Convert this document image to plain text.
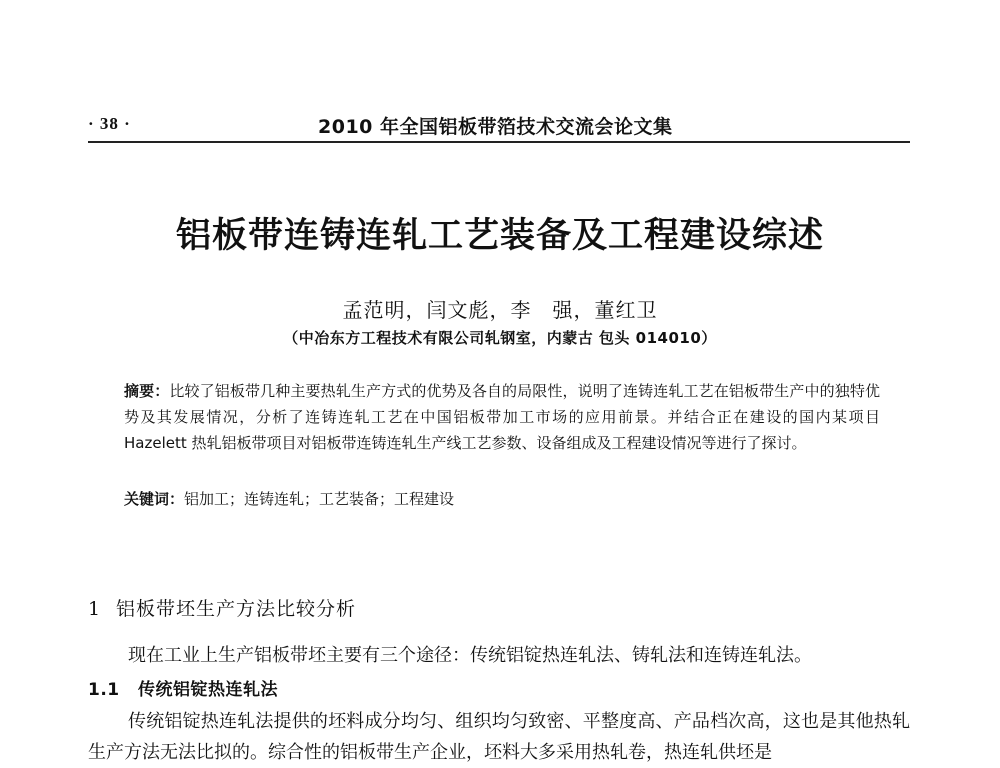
· 38 ·	2010 年全国铝板带箔技术交流会论文集
铝板带连铸连轧工艺装备及工程建设综述
孟范明，闫文彪，李　强，董红卫
（中冶东方工程技术有限公司轧钢室，内蒙古 包头 014010）
摘要：比较了铝板带几种主要热轧生产方式的优势及各自的局限性，说明了连铸连轧工艺在铝板带生产中的独特优势及其发展情况，分析了连铸连轧工艺在中国铝板带加工市场的应用前景。并结合正在建设的国内某项目 Hazelett 热轧铝板带项目对铝板带连铸连轧生产线工艺参数、设备组成及工程建设情况等进行了探讨。
关键词：铝加工；连铸连轧；工艺装备；工程建设
1 铝板带坯生产方法比较分析
现在工业上生产铝板带坯主要有三个途径：传统铝锭热连轧法、铸轧法和连铸连轧法。
1.1 传统铝锭热连轧法
传统铝锭热连轧法提供的坯料成分均匀、组织均匀致密、平整度高、产品档次高，这也是其他热轧生产方法无法比拟的。综合性的铝板带生产企业，坯料大多采用热轧卷，热连轧供坯是
